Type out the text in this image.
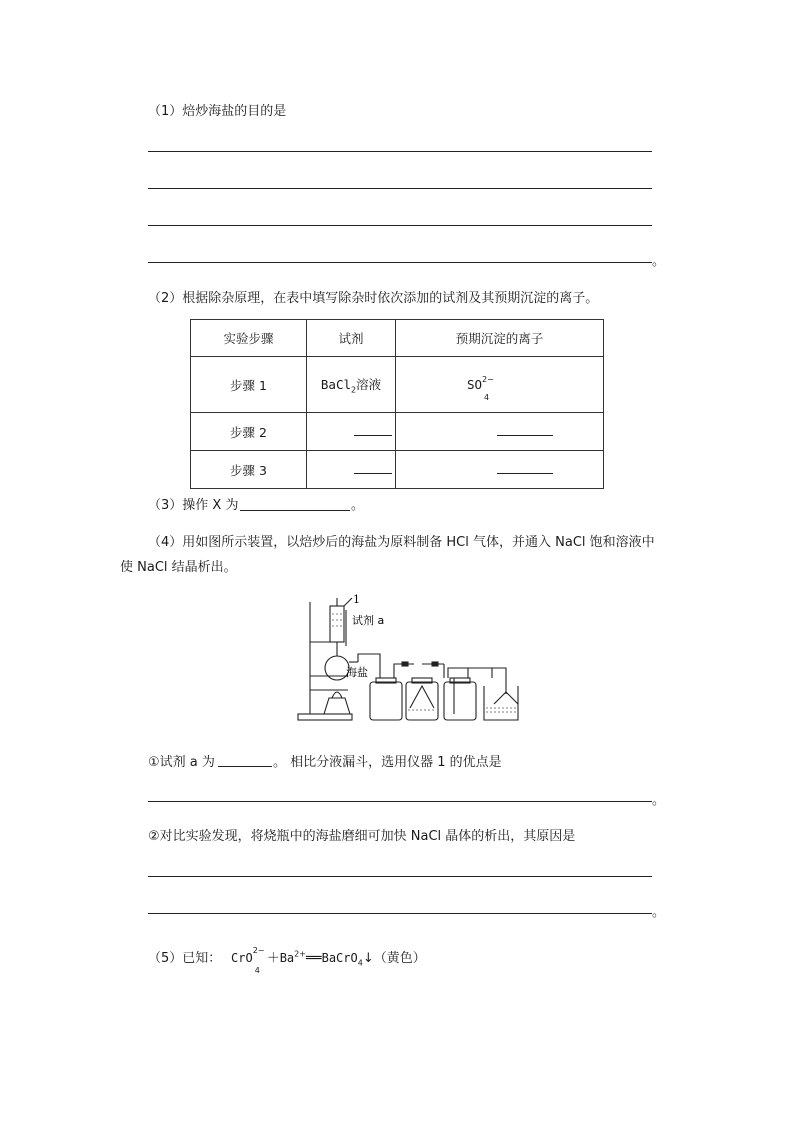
（1）焙炒海盐的目的是
。
（2）根据除杂原理，在表中填写除杂时依次添加的试剂及其预期沉淀的离子。
实验步骤	试剂	预期沉淀的离子
步骤 1	BaCl$_2$溶液	SO 2−
4

步骤 2		
步骤 3		
（3）操作 X 为	。
（4）用如图所示装置，以焙炒后的海盐为原料制备 HCl 气体，并通入 NaCl 饱和溶液中
使 NaCl 结晶析出。
1
试剂 a
海盐
①试剂 a 为	。 相比分液漏斗，选用仪器 1 的优点是
。
②对比实验发现，将烧瓶中的海盐磨细可加快 NaCl 晶体的析出，其原因是
。
（5）已知： CrO
2−
4
$+Ba^{2+}══BaCrO_4↓$（黄色）
